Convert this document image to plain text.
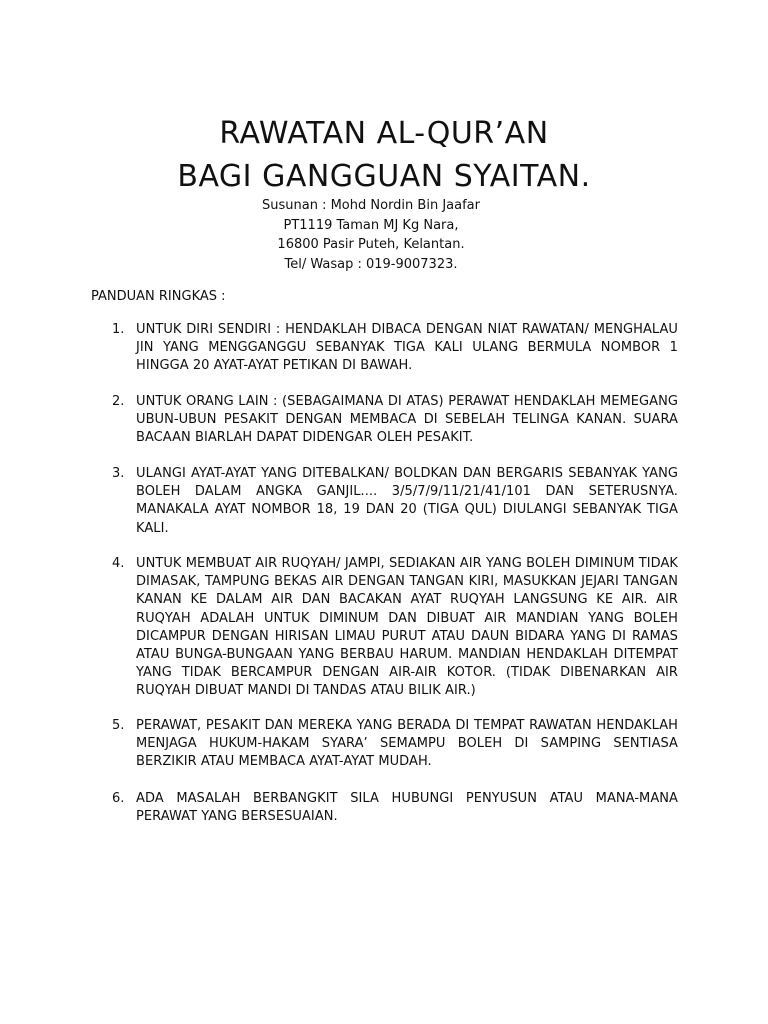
RAWATAN AL-QUR’AN
BAGI GANGGUAN SYAITAN.
Susunan : Mohd Nordin Bin Jaafar
PT1119 Taman MJ Kg Nara,
16800 Pasir Puteh, Kelantan.
Tel/ Wasap : 019-9007323.
PANDUAN RINGKAS :
1. UNTUK DIRI SENDIRI : HENDAKLAH DIBACA DENGAN NIAT RAWATAN/ MENGHALAU JIN YANG MENGGANGGU SEBANYAK TIGA KALI ULANG BERMULA NOMBOR 1 HINGGA 20 AYAT-AYAT PETIKAN DI BAWAH.
2. UNTUK ORANG LAIN : (SEBAGAIMANA DI ATAS) PERAWAT HENDAKLAH MEMEGANG UBUN-UBUN PESAKIT DENGAN MEMBACA DI SEBELAH TELINGA KANAN. SUARA BACAAN BIARLAH DAPAT DIDENGAR OLEH PESAKIT.
3. ULANGI AYAT-AYAT YANG DITEBALKAN/ BOLDKAN DAN BERGARIS SEBANYAK YANG BOLEH DALAM ANGKA GANJIL.... 3/5/7/9/11/21/41/101 DAN SETERUSNYA. MANAKALA AYAT NOMBOR 18, 19 DAN 20 (TIGA QUL) DIULANGI SEBANYAK TIGA KALI.
4. UNTUK MEMBUAT AIR RUQYAH/ JAMPI, SEDIAKAN AIR YANG BOLEH DIMINUM TIDAK DIMASAK, TAMPUNG BEKAS AIR DENGAN TANGAN KIRI, MASUKKAN JEJARI TANGAN KANAN KE DALAM AIR DAN BACAKAN AYAT RUQYAH LANGSUNG KE AIR. AIR RUQYAH ADALAH UNTUK DIMINUM DAN DIBUAT AIR MANDIAN YANG BOLEH DICAMPUR DENGAN HIRISAN LIMAU PURUT ATAU DAUN BIDARA YANG DI RAMAS ATAU BUNGA-BUNGAAN YANG BERBAU HARUM. MANDIAN HENDAKLAH DITEMPAT YANG TIDAK BERCAMPUR DENGAN AIR-AIR KOTOR. (TIDAK DIBENARKAN AIR RUQYAH DIBUAT MANDI DI TANDAS ATAU BILIK AIR.)
5. PERAWAT, PESAKIT DAN MEREKA YANG BERADA DI TEMPAT RAWATAN HENDAKLAH MENJAGA HUKUM-HAKAM SYARA’ SEMAMPU BOLEH DI SAMPING SENTIASA BERZIKIR ATAU MEMBACA AYAT-AYAT MUDAH.
6. ADA MASALAH BERBANGKIT SILA HUBUNGI PENYUSUN ATAU MANA-MANA PERAWAT YANG BERSESUAIAN.
